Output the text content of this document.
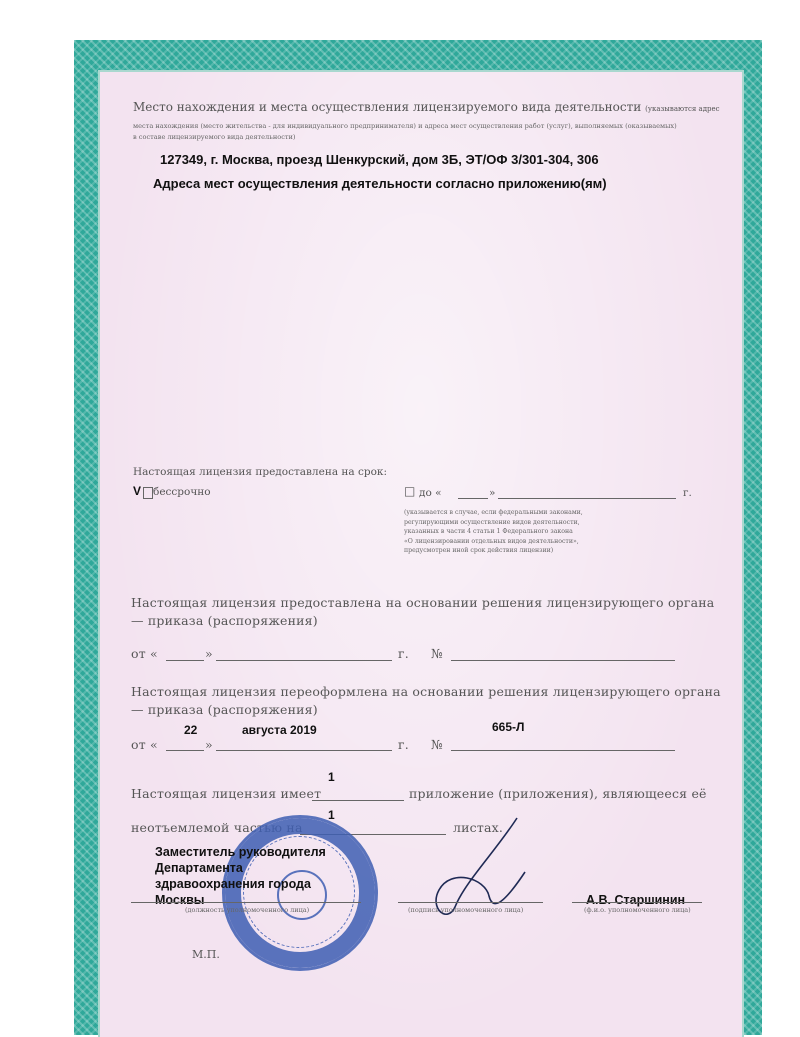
Место нахождения и места осуществления лицензируемого вида деятельности (указываются адрес
места нахождения (место жительства - для индивидуального предпринимателя) и адреса мест осуществления работ (услуг), выполняемых (оказываемых)
в составе лицензируемого вида деятельности)
127349, г. Москва, проезд Шенкурский, дом 3Б, ЭТ/ОФ 3/301-304, 306
Адреса мест осуществления деятельности согласно приложению(ям)
Настоящая лицензия предоставлена на срок:
V бессрочно	□ до «	»	г.
(указывается в случае, если федеральными законами,
регулирующими осуществление видов деятельности,
указанных в части 4 статьи 1 Федерального закона
«О лицензировании отдельных видов деятельности»,
предусмотрен иной срок действия лицензии)
Настоящая лицензия предоставлена на основании решения лицензирующего органа
— приказа (распоряжения)
от «	»	г. №
Настоящая лицензия переоформлена на основании решения лицензирующего органа
— приказа (распоряжения)
22	августа 2019	665-Л
от «	»	г. №
1
Настоящая лицензия имеет	приложение (приложения), являющееся её
1
неотъемлемой частью на	листах.
Заместитель руководителя
Департамента
здравоохранения города
Москвы
(должность уполномоченного лица)	(подпись уполномоченного лица)
А.В. Старшинин
(ф.и.о. уполномоченного лица)
М.П.
